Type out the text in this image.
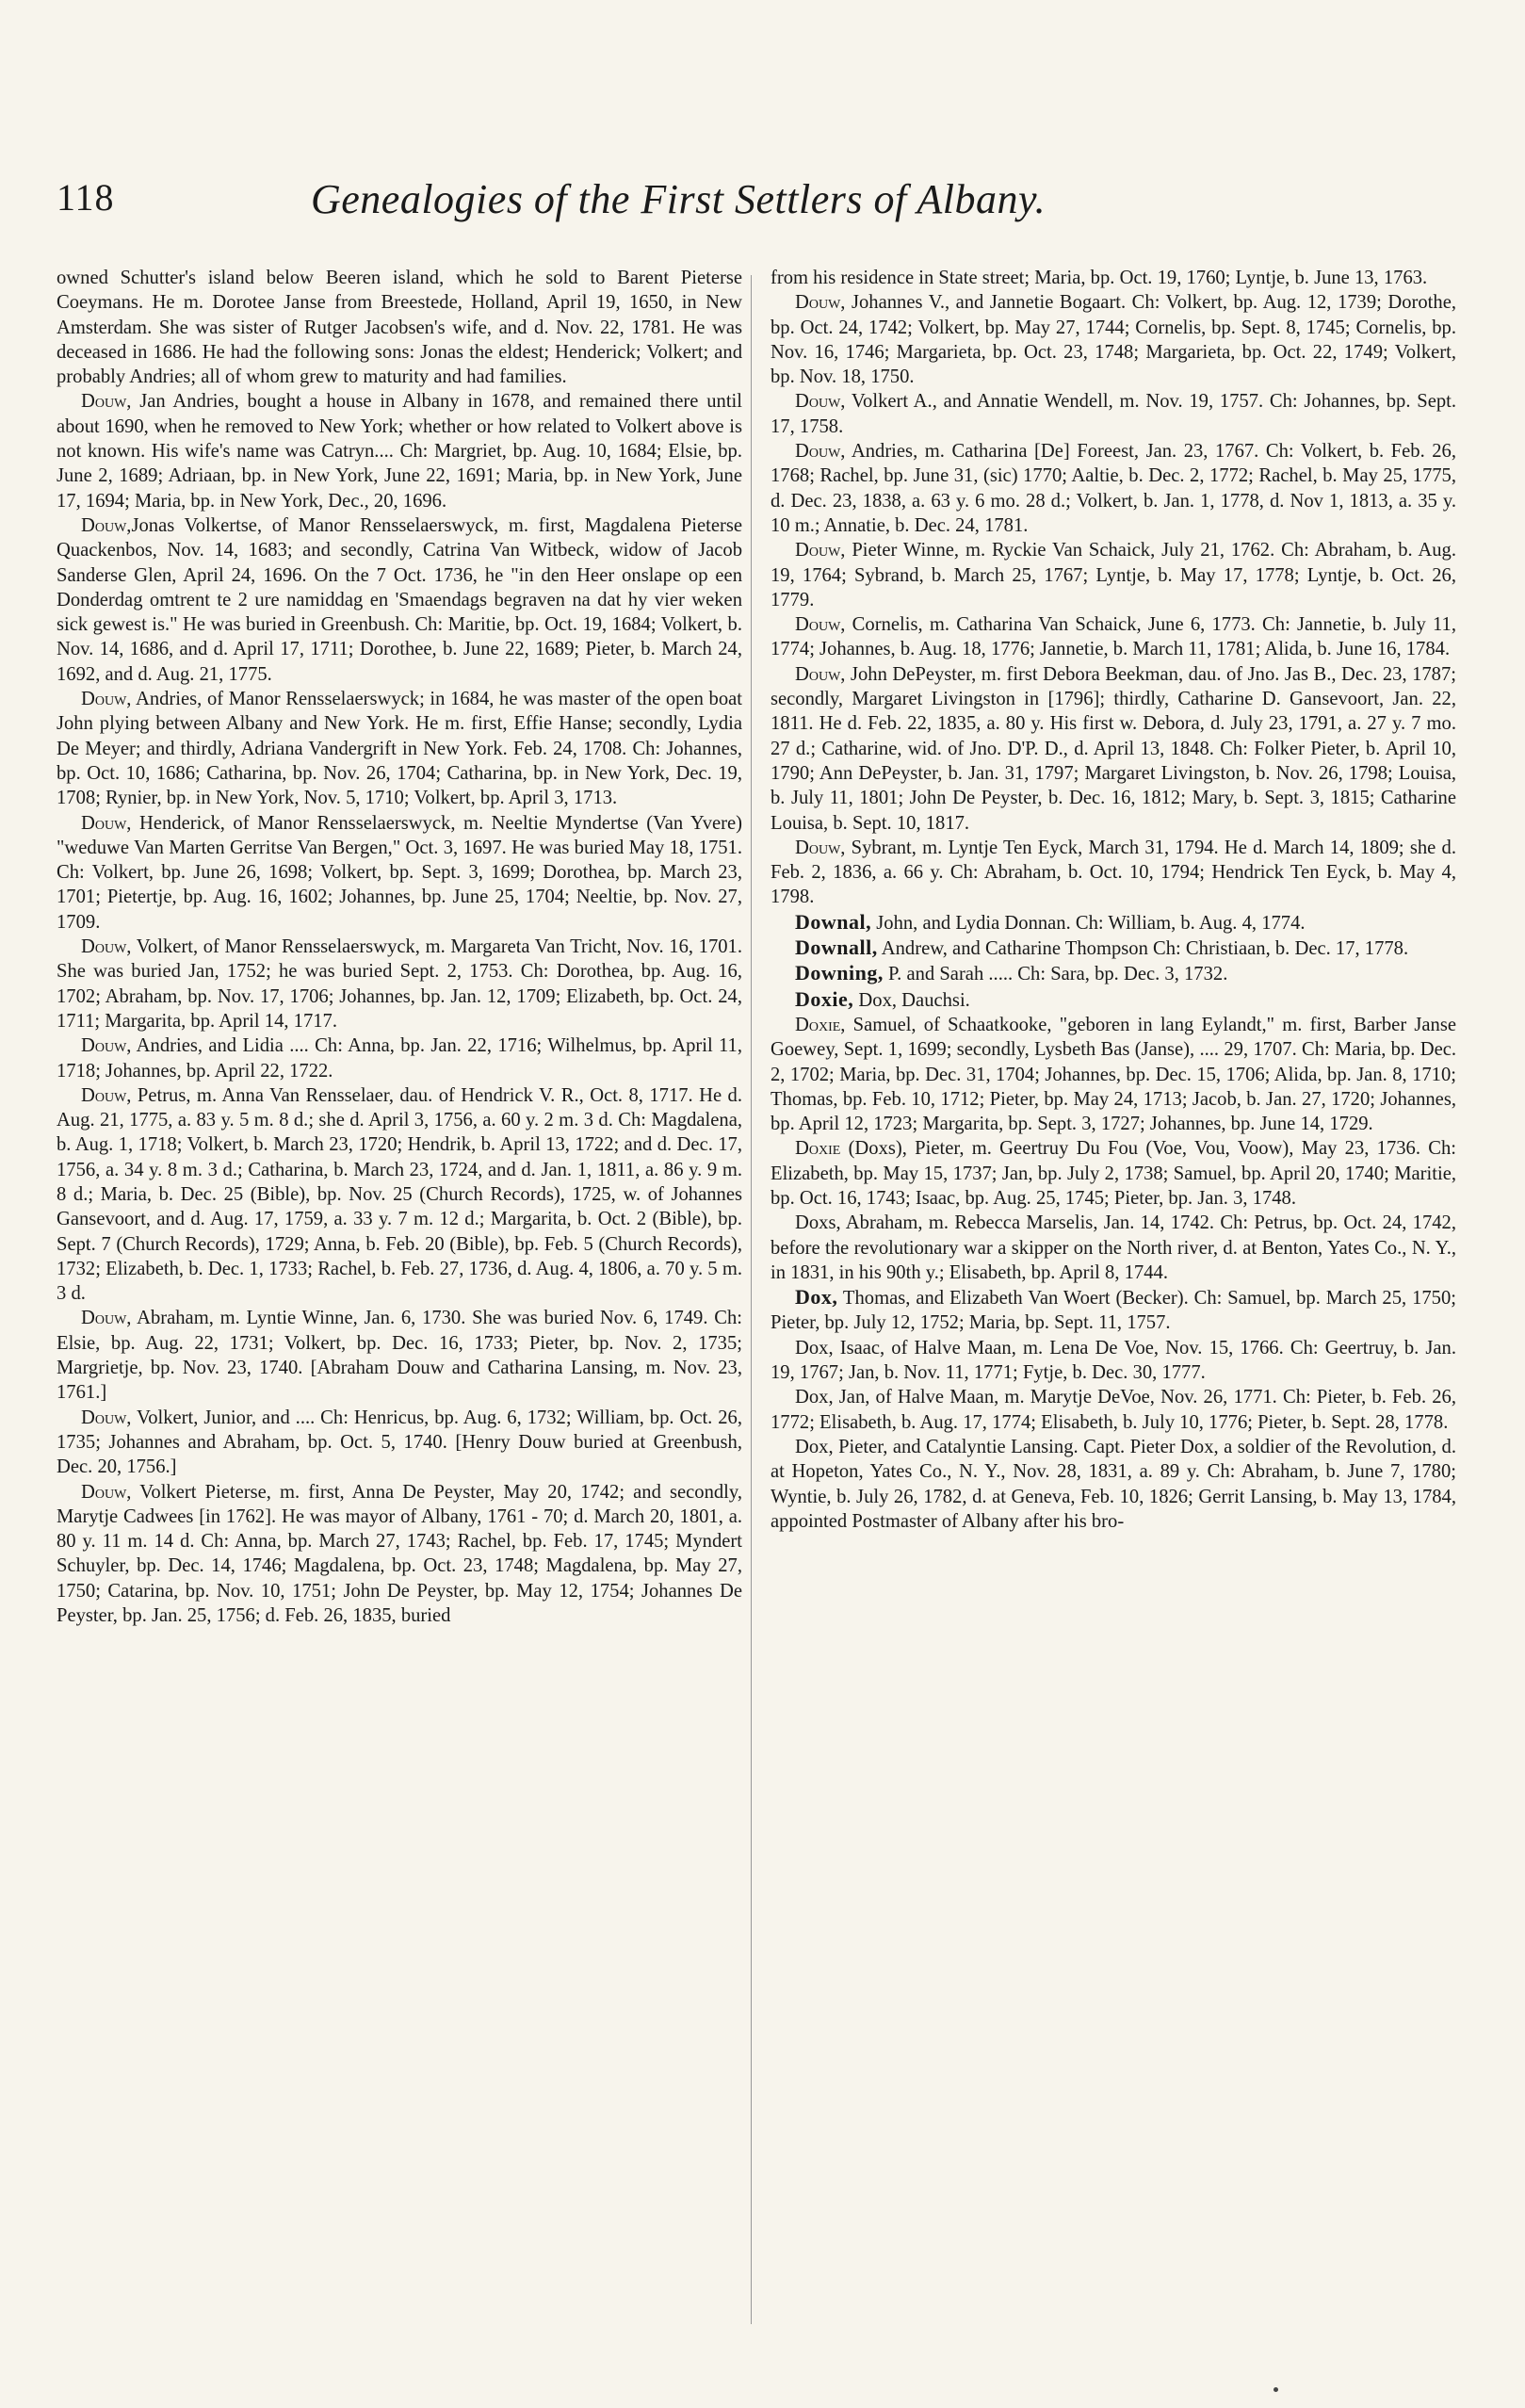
118	Genealogies of the First Settlers of Albany.

owned Schutter's island below Beeren island, which he sold to Barent Pieterse Coeymans. He m. Dorotee Janse from Breestede, Holland, April 19, 1650, in New Amsterdam. She was sister of Rutger Jacobsen's wife, and d. Nov. 22, 1781. He was deceased in 1686. He had the following sons: Jonas the eldest; Henderick; Volkert; and probably Andries; all of whom grew to maturity and had families.

Douw, Jan Andries, bought a house in Albany in 1678, and remained there until about 1690, when he removed to New York; whether or how related to Volkert above is not known. His wife's name was Catryn.... Ch: Margriet, bp. Aug. 10, 1684; Elsie, bp. June 2, 1689; Adriaan, bp. in New York, June 22, 1691; Maria, bp. in New York, June 17, 1694; Maria, bp. in New York, Dec., 20, 1696.

Douw,Jonas Volkertse, of Manor Rensselaerswyck, m. first, Magdalena Pieterse Quackenbos, Nov. 14, 1683; and secondly, Catrina Van Witbeck, widow of Jacob Sanderse Glen, April 24, 1696. On the 7 Oct. 1736, he "in den Heer onslape op een Donderdag omtrent te 2 ure namiddag en 'Smaendags begraven na dat hy vier weken sick gewest is." He was buried in Greenbush. Ch: Maritie, bp. Oct. 19, 1684; Volkert, b. Nov. 14, 1686, and d. April 17, 1711; Dorothee, b. June 22, 1689; Pieter, b. March 24, 1692, and d. Aug. 21, 1775.

Douw, Andries, of Manor Rensselaerswyck; in 1684, he was master of the open boat John plying between Albany and New York. He m. first, Effie Hanse; secondly, Lydia De Meyer; and thirdly, Adriana Vandergrift in New York. Feb. 24, 1708. Ch: Johannes, bp. Oct. 10, 1686; Catharina, bp. Nov. 26, 1704; Catharina, bp. in New York, Dec. 19, 1708; Rynier, bp. in New York, Nov. 5, 1710; Volkert, bp. April 3, 1713.

Douw, Henderick, of Manor Rensselaerswyck, m. Neeltie Myndertse (Van Yvere) "weduwe Van Marten Gerritse Van Bergen," Oct. 3, 1697. He was buried May 18, 1751. Ch: Volkert, bp. June 26, 1698; Volkert, bp. Sept. 3, 1699; Dorothea, bp. March 23, 1701; Pietertje, bp. Aug. 16, 1602; Johannes, bp. June 25, 1704; Neeltie, bp. Nov. 27, 1709.

Douw, Volkert, of Manor Rensselaerswyck, m. Margareta Van Tricht, Nov. 16, 1701. She was buried Jan, 1752; he was buried Sept. 2, 1753. Ch: Dorothea, bp. Aug. 16, 1702; Abraham, bp. Nov. 17, 1706; Johannes, bp. Jan. 12, 1709; Elizabeth, bp. Oct. 24, 1711; Margarita, bp. April 14, 1717.

Douw, Andries, and Lidia .... Ch: Anna, bp. Jan. 22, 1716; Wilhelmus, bp. April 11, 1718; Johannes, bp. April 22, 1722.

Douw, Petrus, m. Anna Van Rensselaer, dau. of Hendrick V. R., Oct. 8, 1717. He d. Aug. 21, 1775, a. 83 y. 5 m. 8 d.; she d. April 3, 1756, a. 60 y. 2 m. 3 d. Ch: Magdalena, b. Aug. 1, 1718; Volkert, b. March 23, 1720; Hendrik, b. April 13, 1722; and d. Dec. 17, 1756, a. 34 y. 8 m. 3 d.; Catharina, b. March 23, 1724, and d. Jan. 1, 1811, a. 86 y. 9 m. 8 d.; Maria, b. Dec. 25 (Bible), bp. Nov. 25 (Church Records), 1725, w. of Johannes Gansevoort, and d. Aug. 17, 1759, a. 33 y. 7 m. 12 d.; Margarita, b. Oct. 2 (Bible), bp. Sept. 7 (Church Records), 1729; Anna, b. Feb. 20 (Bible), bp. Feb. 5 (Church Records), 1732; Elizabeth, b. Dec. 1, 1733; Rachel, b. Feb. 27, 1736, d. Aug. 4, 1806, a. 70 y. 5 m. 3 d.

Douw, Abraham, m. Lyntie Winne, Jan. 6, 1730. She was buried Nov. 6, 1749. Ch: Elsie, bp. Aug. 22, 1731; Volkert, bp. Dec. 16, 1733; Pieter, bp. Nov. 2, 1735; Margrietje, bp. Nov. 23, 1740. [Abraham Douw and Catharina Lansing, m. Nov. 23, 1761.]

Douw, Volkert, Junior, and .... Ch: Henricus, bp. Aug. 6, 1732; William, bp. Oct. 26, 1735; Johannes and Abraham, bp. Oct. 5, 1740. [Henry Douw buried at Greenbush, Dec. 20, 1756.]

Douw, Volkert Pieterse, m. first, Anna De Peyster, May 20, 1742; and secondly, Marytje Cadwees [in 1762]. He was mayor of Albany, 1761 - 70; d. March 20, 1801, a. 80 y. 11 m. 14 d. Ch: Anna, bp. March 27, 1743; Rachel, bp. Feb. 17, 1745; Myndert Schuyler, bp. Dec. 14, 1746; Magdalena, bp. Oct. 23, 1748; Magdalena, bp. May 27, 1750; Catarina, bp. Nov. 10, 1751; John De Peyster, bp. May 12, 1754; Johannes De Peyster, bp. Jan. 25, 1756; d. Feb. 26, 1835, buried

from his residence in State street; Maria, bp. Oct. 19, 1760; Lyntje, b. June 13, 1763.

Douw, Johannes V., and Jannetie Bogaart. Ch: Volkert, bp. Aug. 12, 1739; Dorothe, bp. Oct. 24, 1742; Volkert, bp. May 27, 1744; Cornelis, bp. Sept. 8, 1745; Cornelis, bp. Nov. 16, 1746; Margarieta, bp. Oct. 23, 1748; Margarieta, bp. Oct. 22, 1749; Volkert, bp. Nov. 18, 1750.

Douw, Volkert A., and Annatie Wendell, m. Nov. 19, 1757. Ch: Johannes, bp. Sept. 17, 1758.

Douw, Andries, m. Catharina [De] Foreest, Jan. 23, 1767. Ch: Volkert, b. Feb. 26, 1768; Rachel, bp. June 31, (sic) 1770; Aaltie, b. Dec. 2, 1772; Rachel, b. May 25, 1775, d. Dec. 23, 1838, a. 63 y. 6 mo. 28 d.; Volkert, b. Jan. 1, 1778, d. Nov 1, 1813, a. 35 y. 10 m.; Annatie, b. Dec. 24, 1781.

Douw, Pieter Winne, m. Ryckie Van Schaick, July 21, 1762. Ch: Abraham, b. Aug. 19, 1764; Sybrand, b. March 25, 1767; Lyntje, b. May 17, 1778; Lyntje, b. Oct. 26, 1779.

Douw, Cornelis, m. Catharina Van Schaick, June 6, 1773. Ch: Jannetie, b. July 11, 1774; Johannes, b. Aug. 18, 1776; Jannetie, b. March 11, 1781; Alida, b. June 16, 1784.

Douw, John DePeyster, m. first Debora Beekman, dau. of Jno. Jas B., Dec. 23, 1787; secondly, Margaret Livingston in [1796]; thirdly, Catharine D. Gansevoort, Jan. 22, 1811. He d. Feb. 22, 1835, a. 80 y. His first w. Debora, d. July 23, 1791, a. 27 y. 7 mo. 27 d.; Catharine, wid. of Jno. D'P. D., d. April 13, 1848. Ch: Folker Pieter, b. April 10, 1790; Ann DePeyster, b. Jan. 31, 1797; Margaret Livingston, b. Nov. 26, 1798; Louisa, b. July 11, 1801; John De Peyster, b. Dec. 16, 1812; Mary, b. Sept. 3, 1815; Catharine Louisa, b. Sept. 10, 1817.

Douw, Sybrant, m. Lyntje Ten Eyck, March 31, 1794. He d. March 14, 1809; she d. Feb. 2, 1836, a. 66 y. Ch: Abraham, b. Oct. 10, 1794; Hendrick Ten Eyck, b. May 4, 1798.

Downal, John, and Lydia Donnan. Ch: William, b. Aug. 4, 1774.

Downall, Andrew, and Catharine Thompson Ch: Christiaan, b. Dec. 17, 1778.

Downing, P. and Sarah ..... Ch: Sara, bp. Dec. 3, 1732.

Doxie, Dox, Dauchsi.

Doxie, Samuel, of Schaatkooke, "geboren in lang Eylandt," m. first, Barber Janse Goewey, Sept. 1, 1699; secondly, Lysbeth Bas (Janse), .... 29, 1707. Ch: Maria, bp. Dec. 2, 1702; Maria, bp. Dec. 31, 1704; Johannes, bp. Dec. 15, 1706; Alida, bp. Jan. 8, 1710; Thomas, bp. Feb. 10, 1712; Pieter, bp. May 24, 1713; Jacob, b. Jan. 27, 1720; Johannes, bp. April 12, 1723; Margarita, bp. Sept. 3, 1727; Johannes, bp. June 14, 1729.

Doxie (Doxs), Pieter, m. Geertruy Du Fou (Voe, Vou, Voow), May 23, 1736. Ch: Elizabeth, bp. May 15, 1737; Jan, bp. July 2, 1738; Samuel, bp. April 20, 1740; Maritie, bp. Oct. 16, 1743; Isaac, bp. Aug. 25, 1745; Pieter, bp. Jan. 3, 1748.

Doxs, Abraham, m. Rebecca Marselis, Jan. 14, 1742. Ch: Petrus, bp. Oct. 24, 1742, before the revolutionary war a skipper on the North river, d. at Benton, Yates Co., N. Y., in 1831, in his 90th y.; Elisabeth, bp. April 8, 1744.

Dox, Thomas, and Elizabeth Van Woert (Becker). Ch: Samuel, bp. March 25, 1750; Pieter, bp. July 12, 1752; Maria, bp. Sept. 11, 1757.

Dox, Isaac, of Halve Maan, m. Lena De Voe, Nov. 15, 1766. Ch: Geertruy, b. Jan. 19, 1767; Jan, b. Nov. 11, 1771; Fytje, b. Dec. 30, 1777.

Dox, Jan, of Halve Maan, m. Marytje DeVoe, Nov. 26, 1771. Ch: Pieter, b. Feb. 26, 1772; Elisabeth, b. Aug. 17, 1774; Elisabeth, b. July 10, 1776; Pieter, b. Sept. 28, 1778.

Dox, Pieter, and Catalyntie Lansing. Capt. Pieter Dox, a soldier of the Revolution, d. at Hopeton, Yates Co., N. Y., Nov. 28, 1831, a. 89 y. Ch: Abraham, b. June 7, 1780; Wyntie, b. July 26, 1782, d. at Geneva, Feb. 10, 1826; Gerrit Lansing, b. May 13, 1784, appointed Postmaster of Albany after his bro-
